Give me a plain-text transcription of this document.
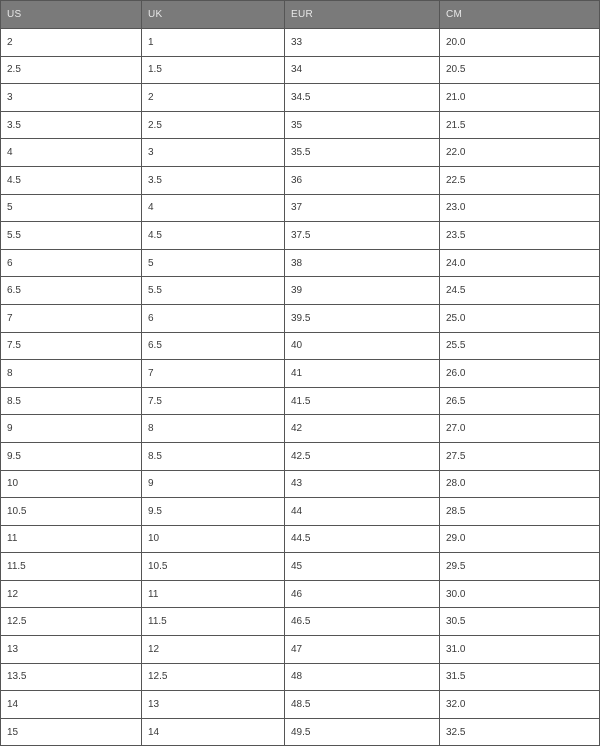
US	UK	EUR	CM
2	1	33	20.0
2.5	1.5	34	20.5
3	2	34.5	21.0
3.5	2.5	35	21.5
4	3	35.5	22.0
4.5	3.5	36	22.5
5	4	37	23.0
5.5	4.5	37.5	23.5
6	5	38	24.0
6.5	5.5	39	24.5
7	6	39.5	25.0
7.5	6.5	40	25.5
8	7	41	26.0
8.5	7.5	41.5	26.5
9	8	42	27.0
9.5	8.5	42.5	27.5
10	9	43	28.0
10.5	9.5	44	28.5
11	10	44.5	29.0
11.5	10.5	45	29.5
12	11	46	30.0
12.5	11.5	46.5	30.5
13	12	47	31.0
13.5	12.5	48	31.5
14	13	48.5	32.0
15	14	49.5	32.5
